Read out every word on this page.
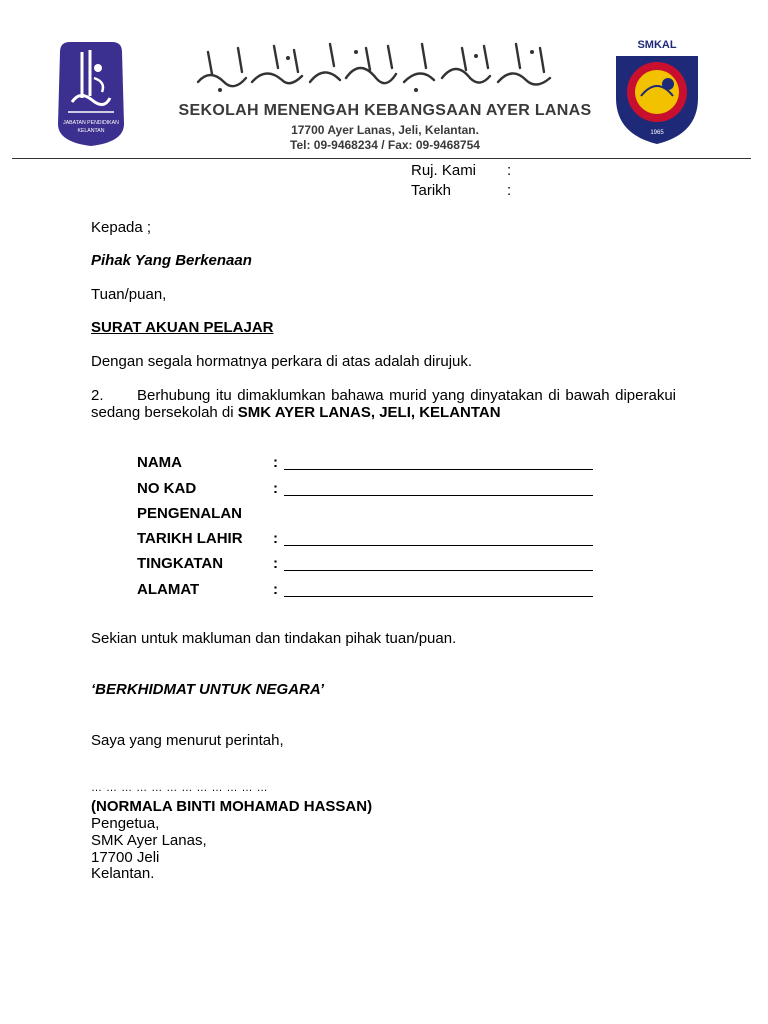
JABATAN PENDIDIKAN
KELANTAN
SEKOLAH MENENGAH KEBANGSAAN AYER LANAS
17700 Ayer Lanas, Jeli, Kelantan.
Tel: 09-9468234 / Fax: 09-9468754
SMKAL
1965
Ruj. Kami :
Tarikh	:
Kepada ;
Pihak Yang Berkenaan
Tuan/puan,
SURAT AKUAN PELAJAR
Dengan segala hormatnya perkara di atas adalah dirujuk.
2. Berhubung itu dimaklumkan bahawa murid yang dinyatakan di bawah diperakui sedang bersekolah di SMK AYER LANAS, JELI, KELANTAN
NAMA	:
NO KAD	:
PENGENALAN
TARIKH LAHIR :
TINGKATAN	:
ALAMAT	:
Sekian untuk makluman dan tindakan pihak tuan/puan.
‘BERKHIDMAT UNTUK NEGARA’
Saya yang menurut perintah,
… … … … … … … … … … … …
(NORMALA BINTI MOHAMAD HASSAN)
Pengetua,
SMK Ayer Lanas,
17700 Jeli
Kelantan.
